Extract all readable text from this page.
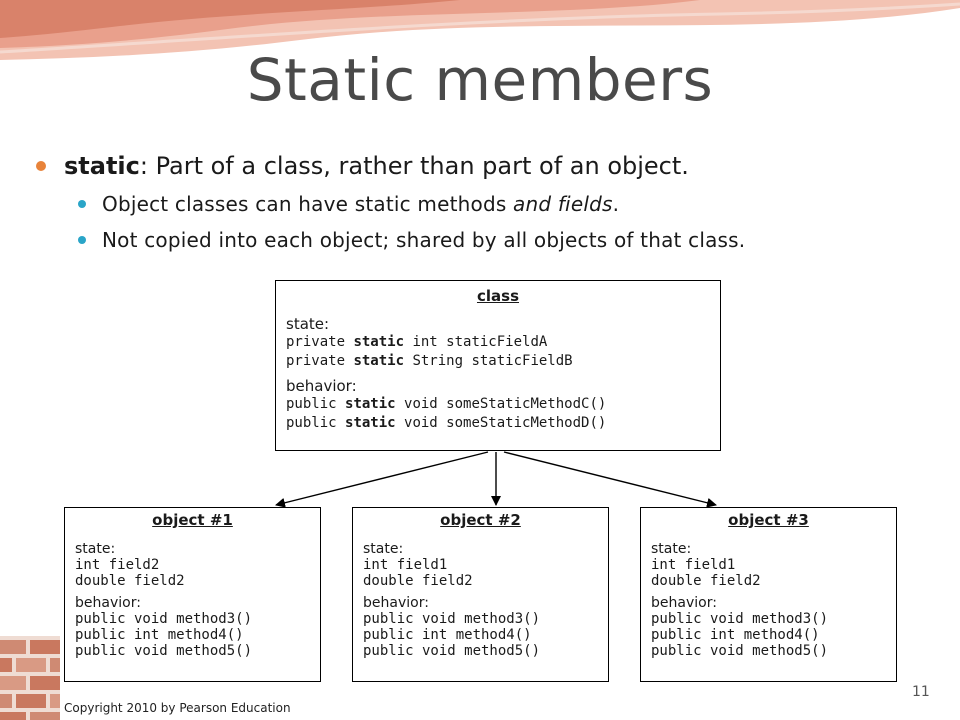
Static members
static: Part of a class, rather than part of an object.
Object classes can have static methods and fields.
Not copied into each object; shared by all objects of that class.
class
state:
private static int staticFieldA
private static String staticFieldB
behavior:
public static void someStaticMethodC()
public static void someStaticMethodD()
object #1
state:
int field2
double field2
behavior:
public void method3()
public int method4()
public void method5()
object #2
state:
int field1
double field2
behavior:
public void method3()
public int method4()
public void method5()
object #3
state:
int field1
double field2
behavior:
public void method3()
public int method4()
public void method5()
Copyright 2010 by Pearson Education
11
